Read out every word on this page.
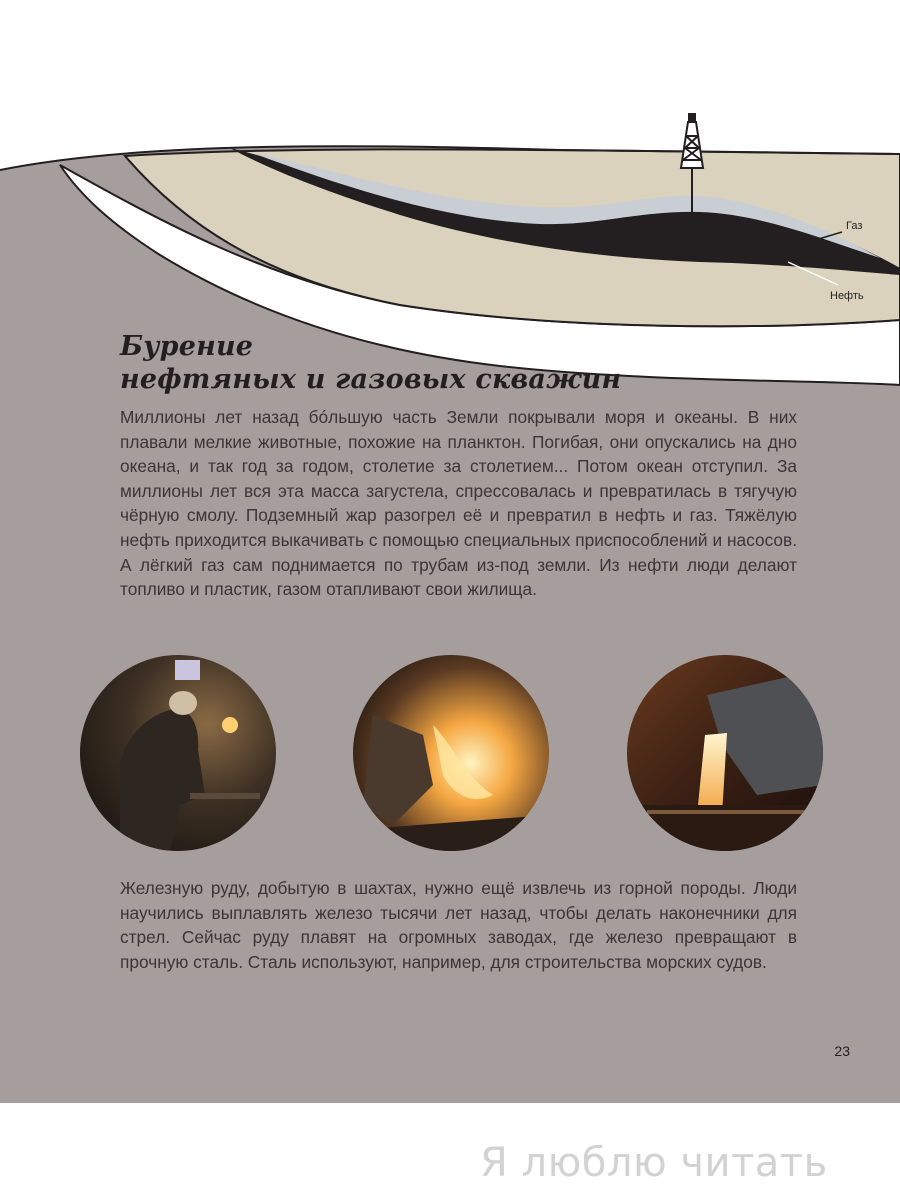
Газ
Нефть
Бурение
нефтяных и газовых скважин

Миллионы лет назад бóльшую часть Земли покрывали моря и океаны. В них плавали мелкие животные, похожие на планктон. Погибая, они опускались на дно океана, и так год за годом, столетие за столетием... Потом океан отступил. За миллионы лет вся эта масса загустела, спрессовалась и превратилась в тягучую чёрную смолу. Подземный жар разогрел её и превратил в нефть и газ. Тяжёлую нефть приходится выкачивать с помощью специальных приспособлений и насосов. А лёгкий газ сам поднимается по трубам из-под земли. Из нефти люди делают топливо и пластик, газом отапливают свои жилища.

Железную руду, добытую в шахтах, нужно ещё извлечь из горной породы. Люди научились выплавлять железо тысячи лет назад, чтобы делать наконечники для стрел. Сейчас руду плавят на огромных заводах, где железо превращают в прочную сталь. Сталь используют, например, для строительства морских судов.

23
Я люблю читать
